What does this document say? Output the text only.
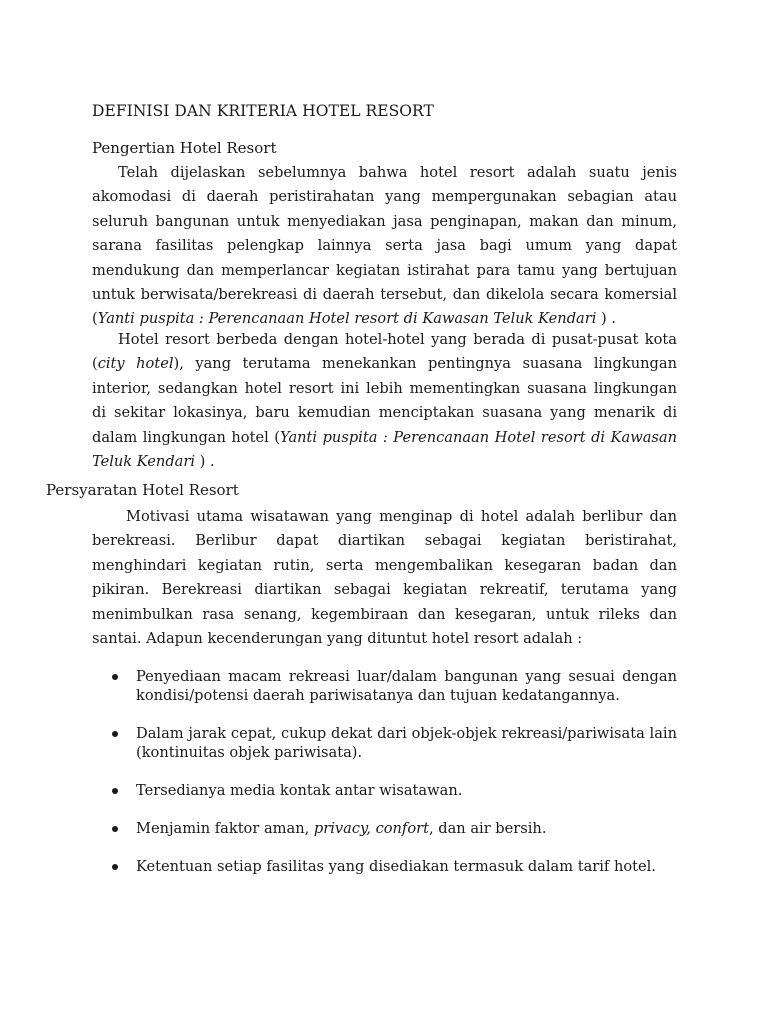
DEFINISI DAN KRITERIA HOTEL RESORT
Pengertian Hotel Resort

Telah dijelaskan sebelumnya bahwa hotel resort adalah suatu jenis akomodasi di daerah peristirahatan yang mempergunakan sebagian atau seluruh bangunan untuk menyediakan jasa penginapan, makan dan minum, sarana fasilitas pelengkap lainnya serta jasa bagi umum yang dapat mendukung dan memperlancar kegiatan istirahat para tamu yang bertujuan untuk berwisata/berekreasi di daerah tersebut, dan dikelola secara komersial (Yanti puspita : Perencanaan Hotel resort di Kawasan Teluk Kendari ) .

Hotel resort berbeda dengan hotel-hotel yang berada di pusat-pusat kota (city hotel), yang terutama menekankan pentingnya suasana lingkungan interior, sedangkan hotel resort ini lebih mementingkan suasana lingkungan di sekitar lokasinya, baru kemudian menciptakan suasana yang menarik di dalam lingkungan hotel (Yanti puspita : Perencanaan Hotel resort di Kawasan Teluk Kendari ) .

Persyaratan Hotel Resort

Motivasi utama wisatawan yang menginap di hotel adalah berlibur dan berekreasi. Berlibur dapat diartikan sebagai kegiatan beristirahat, menghindari kegiatan rutin, serta mengembalikan kesegaran badan dan pikiran. Berekreasi diartikan sebagai kegiatan rekreatif, terutama yang menimbulkan rasa senang, kegembiraan dan kesegaran, untuk rileks dan santai. Adapun kecenderungan yang dituntut hotel resort adalah :

Penyediaan macam rekreasi luar/dalam bangunan yang sesuai dengan kondisi/potensi daerah pariwisatanya dan tujuan kedatangannya.
Dalam jarak cepat, cukup dekat dari objek-objek rekreasi/pariwisata lain (kontinuitas objek pariwisata).
Tersedianya media kontak antar wisatawan.
Menjamin faktor aman, privacy, confort, dan air bersih.
Ketentuan setiap fasilitas yang disediakan termasuk dalam tarif hotel.
